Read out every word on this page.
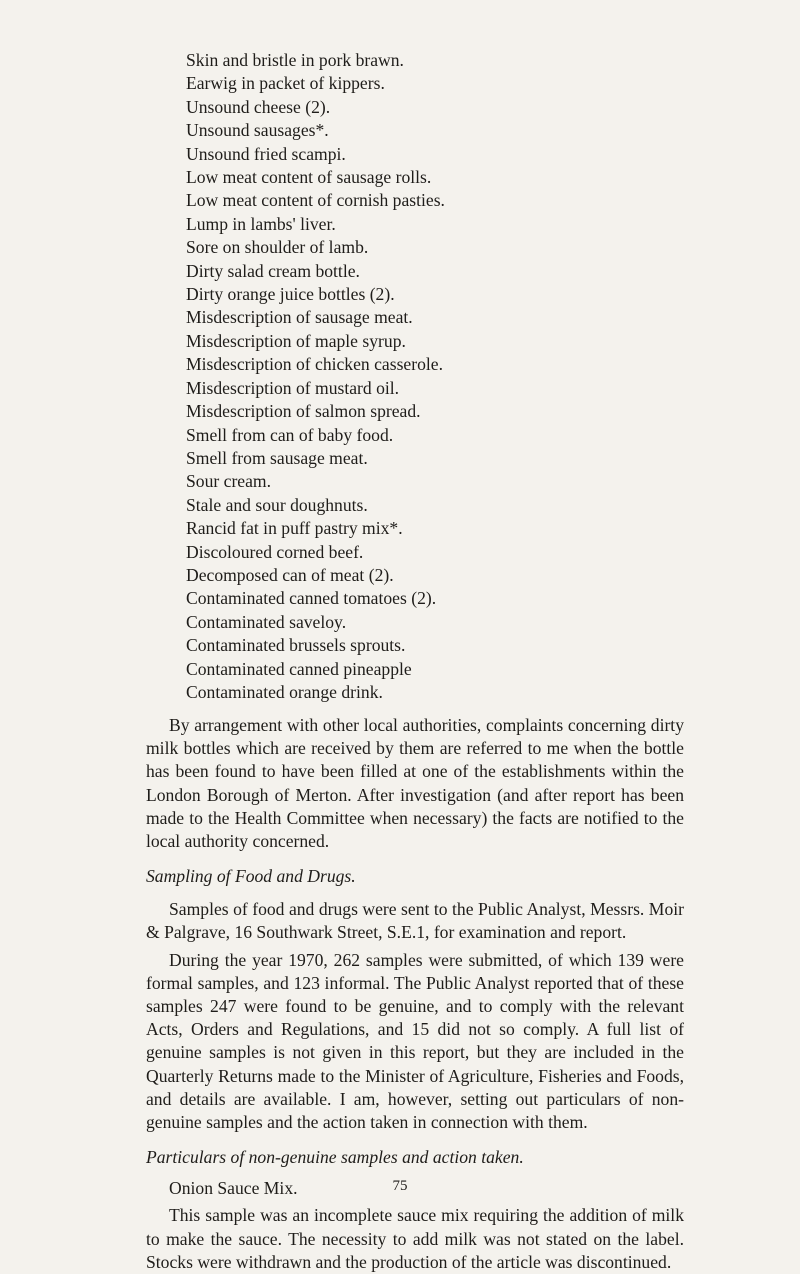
Skin and bristle in pork brawn.
Earwig in packet of kippers.
Unsound cheese (2).
Unsound sausages*.
Unsound fried scampi.
Low meat content of sausage rolls.
Low meat content of cornish pasties.
Lump in lambs' liver.
Sore on shoulder of lamb.
Dirty salad cream bottle.
Dirty orange juice bottles (2).
Misdescription of sausage meat.
Misdescription of maple syrup.
Misdescription of chicken casserole.
Misdescription of mustard oil.
Misdescription of salmon spread.
Smell from can of baby food.
Smell from sausage meat.
Sour cream.
Stale and sour doughnuts.
Rancid fat in puff pastry mix*.
Discoloured corned beef.
Decomposed can of meat (2).
Contaminated canned tomatoes (2).
Contaminated saveloy.
Contaminated brussels sprouts.
Contaminated canned pineapple
Contaminated orange drink.

By arrangement with other local authorities, complaints concerning dirty milk bottles which are received by them are referred to me when the bottle has been found to have been filled at one of the establishments within the London Borough of Merton. After investigation (and after report has been made to the Health Committee when necessary) the facts are notified to the local authority concerned.

Sampling of Food and Drugs.

Samples of food and drugs were sent to the Public Analyst, Messrs. Moir & Palgrave, 16 Southwark Street, S.E.1, for examination and report.

During the year 1970, 262 samples were submitted, of which 139 were formal samples, and 123 informal. The Public Analyst reported that of these samples 247 were found to be genuine, and to comply with the relevant Acts, Orders and Regulations, and 15 did not so comply. A full list of genuine samples is not given in this report, but they are included in the Quarterly Returns made to the Minister of Agriculture, Fisheries and Foods, and details are available. I am, however, setting out particulars of non-genuine samples and the action taken in connection with them.

Particulars of non-genuine samples and action taken.

Onion Sauce Mix.

This sample was an incomplete sauce mix requiring the addition of milk to make the sauce. The necessity to add milk was not stated on the label. Stocks were withdrawn and the production of the article was discontinued.

75
